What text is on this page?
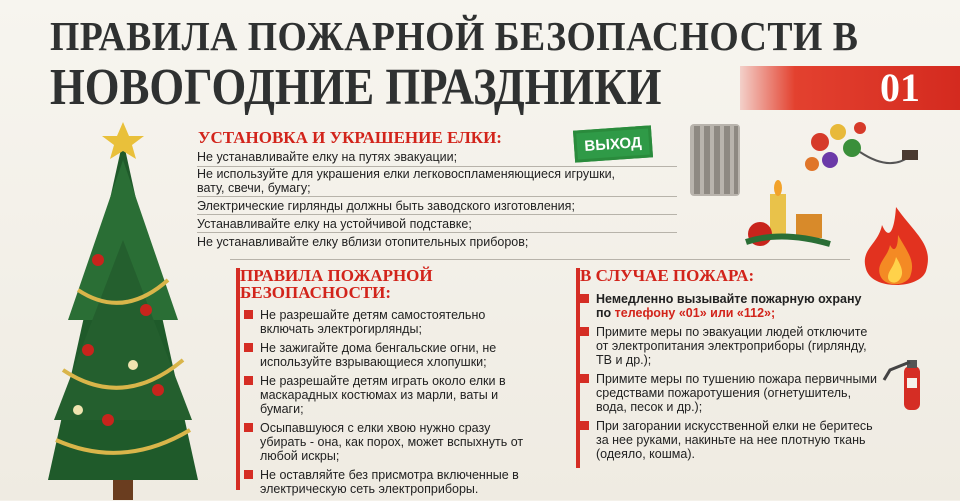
ПРАВИЛА ПОЖАРНОЙ БЕЗОПАСНОСТИ В
НОВОГОДНИЕ ПРАЗДНИКИ	01
УСТАНОВКА И УКРАШЕНИЕ ЕЛКИ:
Не устанавливайте елку на путях эвакуации;
Не используйте для украшения елки легковоспламеняющиеся игрушки,
вату, свечи, бумагу;
Электрические гирлянды должны быть заводского изготовления;
Устанавливайте елку на устойчивой подставке;
Не устанавливайте елку вблизи отопительных приборов;
ВЫХОД
ПРАВИЛА ПОЖАРНОЙ
БЕЗОПАСНОСТИ:
Не разрешайте детям самостоятельно включать электрогирлянды;
Не зажигайте дома бенгальские огни, не используйте взрывающиеся хлопушки;
Не разрешайте детям играть около елки в маскарадных костюмах из марли, ваты и бумаги;
Осыпавшуюся с елки хвою нужно сразу убирать - она, как порох, может вспыхнуть от любой искры;
Не оставляйте без присмотра включенные в электрическую сеть электроприборы.
В СЛУЧАЕ ПОЖАРА:
Немедленно вызывайте пожарную охрану
по телефону «01» или «112»;
Примите меры по эвакуации людей отключите от электропитания электроприборы (гирлянду, ТВ и др.);
Примите меры по тушению пожара первичными средствами пожаротушения (огнетушитель, вода, песок и др.);
При загорании искусственной елки не беритесь за нее руками, накиньте на нее плотную ткань (одеяло, кошма).
